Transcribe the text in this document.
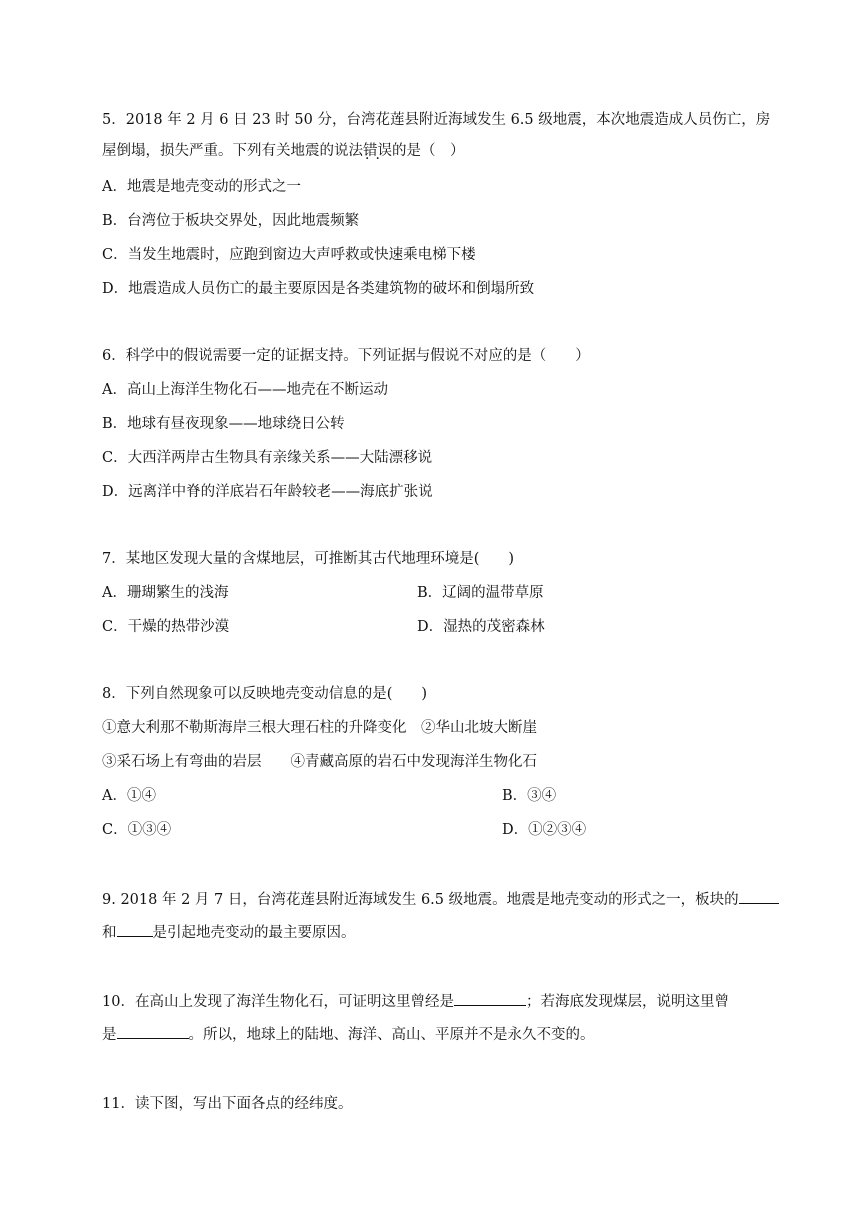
5．2018 年 2 月 6 日 23 时 50 分，台湾花莲县附近海域发生 6.5 级地震，本次地震造成人员伤亡，房
屋倒塌，损失严重。下列有关地震的说法错误 ··的是（　）
A．地震是地壳变动的形式之一
B．台湾位于板块交界处，因此地震频繁
C．当发生地震时，应跑到窗边大声呼救或快速乘电梯下楼
D．地震造成人员伤亡的最主要原因是各类建筑物的破坏和倒塌所致
6．科学中的假说需要一定的证据支持。下列证据与假说不对应的是（　　）
A．高山上海洋生物化石——地壳在不断运动
B．地球有昼夜现象——地球绕日公转
C．大西洋两岸古生物具有亲缘关系——大陆漂移说
D．远离洋中脊的洋底岩石年龄较老——海底扩张说
7．某地区发现大量的含煤地层，可推断其古代地理环境是(　　)
A．珊瑚繁生的浅海	B．辽阔的温带草原
C．干燥的热带沙漠	D．湿热的茂密森林
8．下列自然现象可以反映地壳变动信息的是(　　)
①意大利那不勒斯海岸三根大理石柱的升降变化　②华山北坡大断崖
③采石场上有弯曲的岩层　　④青藏高原的岩石中发现海洋生物化石
A．①④	B．③④
C．①③④	D．①②③④
9. 2018 年 2 月 7 日，台湾花莲县附近海域发生 6.5 级地震。地震是地壳变动的形式之一，板块的
和 是引起地壳变动的最主要原因。
10．在高山上发现了海洋生物化石，可证明这里曾经是	；若海底发现煤层，说明这里曾
是	。所以，地球上的陆地、海洋、高山、平原并不是永久不变的。
11．读下图，写出下面各点的经纬度。
